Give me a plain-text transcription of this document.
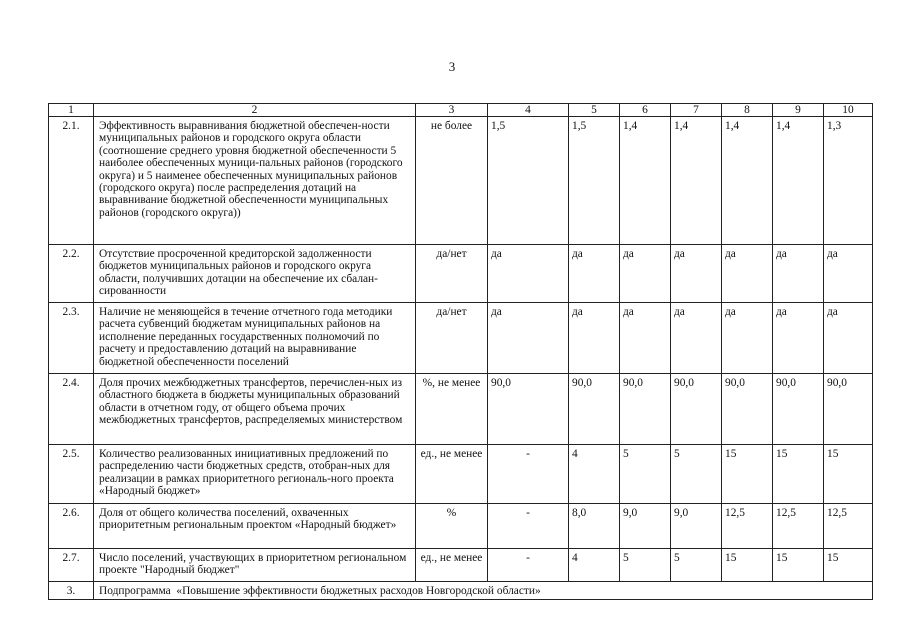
3
1	2	3	4	5	6	7	8	9	10
2.1.	Эффективность выравнивания бюджетной обеспечен-ности муниципальных районов и городского округа области (соотношение среднего уровня бюджетной обеспеченности 5 наиболее обеспеченных муници-пальных районов (городского округа) и 5 наименее обеспеченных муниципальных районов (городского округа) после распределения дотаций на выравнивание бюджетной обеспеченности муниципальных районов (городского округа))	не более	1,5	1,5	1,4	1,4	1,4	1,4	1,3
2.2.	Отсутствие просроченной кредиторской задолженности бюджетов муниципальных районов и городского округа области, получивших дотации на обеспечение их сбалан-сированности	да/нет	да	да	да	да	да	да	да
2.3.	Наличие не меняющейся в течение отчетного года методики расчета субвенций бюджетам муниципальных районов на исполнение переданных государственных полномочий по расчету и предоставлению дотаций на выравнивание бюджетной обеспеченности поселений	да/нет	да	да	да	да	да	да	да
2.4.	Доля прочих межбюджетных трансфертов, перечислен-ных из областного бюджета в бюджеты муниципальных образований области в отчетном году, от общего объема прочих межбюджетных трансфертов, распределяемых министерством	%, не менее	90,0	90,0	90,0	90,0	90,0	90,0	90,0
2.5.	Количество реализованных инициативных предложений по распределению части бюджетных средств, отобран-ных для реализации в рамках приоритетного региональ-ного проекта «Народный бюджет»	ед., не менее	-	4	5	5	15	15	15
2.6.	Доля от общего количества поселений, охваченных приоритетным региональным проектом «Народный бюджет»	%	-	8,0	9,0	9,0	12,5	12,5	12,5
2.7.	Число поселений, участвующих в приоритетном региональном проекте "Народный бюджет"	ед., не менее	-	4	5	5	15	15	15
3.	Подпрограмма  «Повышение эффективности бюджетных расходов Новгородской области»								
